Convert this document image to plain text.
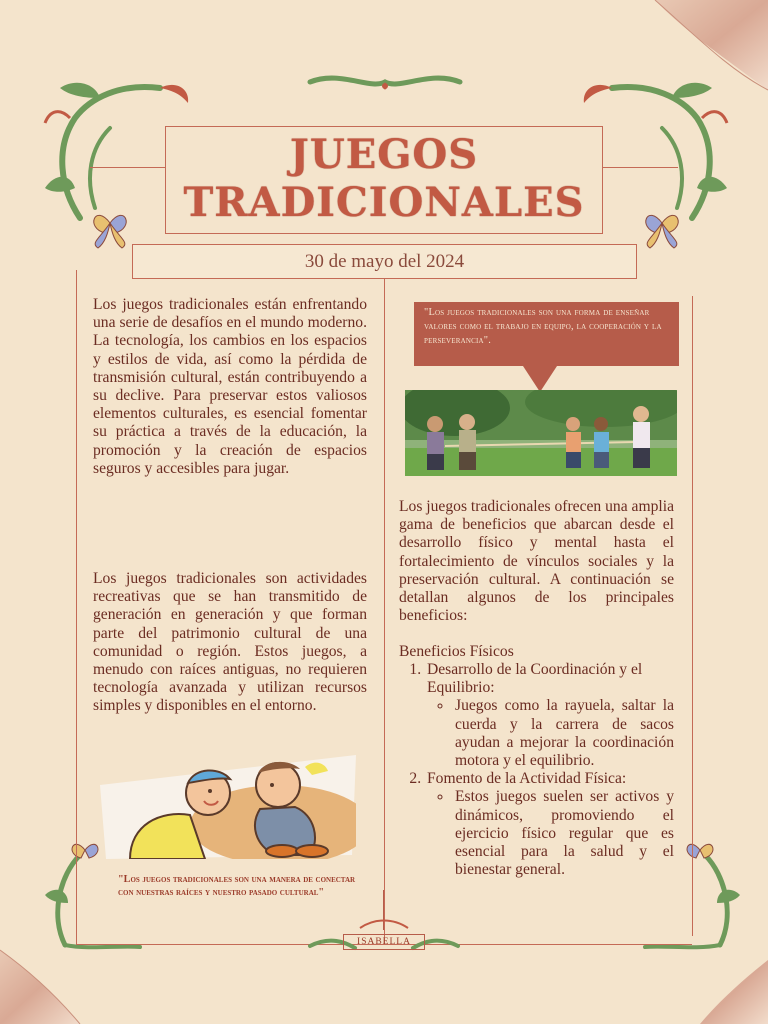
JUEGOS TRADICIONALES
30 de mayo del 2024
Los juegos tradicionales están enfrentando una serie de desafíos en el mundo moderno. La tecnología, los cambios en los espacios y estilos de vida, así como la pérdida de transmisión cultural, están contribuyendo a su declive. Para preservar estos valiosos elementos culturales, es esencial fomentar su práctica a través de la educación, la promoción y la creación de espacios seguros y accesibles para jugar.
Los juegos tradicionales son actividades recreativas que se han transmitido de generación en generación y que forman parte del patrimonio cultural de una comunidad o región. Estos juegos, a menudo con raíces antiguas, no requieren tecnología avanzada y utilizan recursos simples y disponibles en el entorno.
"Los juegos tradicionales son una manera de conectar con nuestras raíces y nuestro pasado cultural"
"Los juegos tradicionales son una forma de enseñar valores como el trabajo en equipo, la cooperación y la perseverancia".
Los juegos tradicionales ofrecen una amplia gama de beneficios que abarcan desde el desarrollo físico y mental hasta el fortalecimiento de vínculos sociales y la preservación cultural. A continuación se detallan algunos de los principales beneficios:
Beneficios Físicos
1. Desarrollo de la Coordinación y el Equilibrio:
◦ Juegos como la rayuela, saltar la cuerda y la carrera de sacos ayudan a mejorar la coordinación motora y el equilibrio.
2. Fomento de la Actividad Física:
◦ Estos juegos suelen ser activos y dinámicos, promoviendo el ejercicio físico regular que es esencial para la salud y el bienestar general.
ISABELLA
